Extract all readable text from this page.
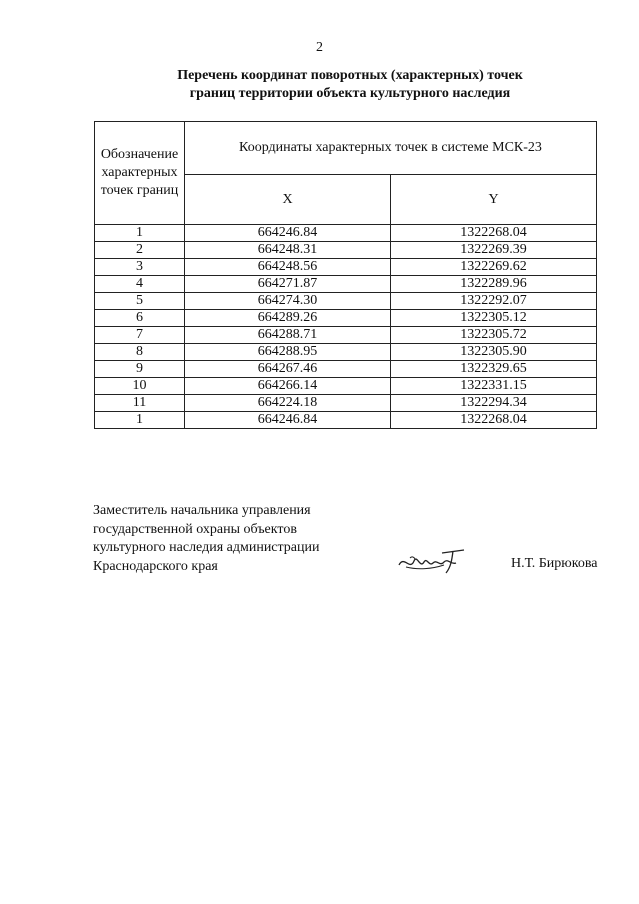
2
Перечень координат поворотных (характерных) точек
границ территории объекта культурного наследия
Обозначение характерных точек границ	Координаты характерных точек в системе МСК-23	
	X	Y
1	664246.84	1322268.04
2	664248.31	1322269.39
3	664248.56	1322269.62
4	664271.87	1322289.96
5	664274.30	1322292.07
6	664289.26	1322305.12
7	664288.71	1322305.72
8	664288.95	1322305.90
9	664267.46	1322329.65
10	664266.14	1322331.15
11	664224.18	1322294.34
1	664246.84	1322268.04
Заместитель начальника управления
государственной охраны объектов
культурного наследия администрации
Краснодарского края	Н.Т. Бирюкова
